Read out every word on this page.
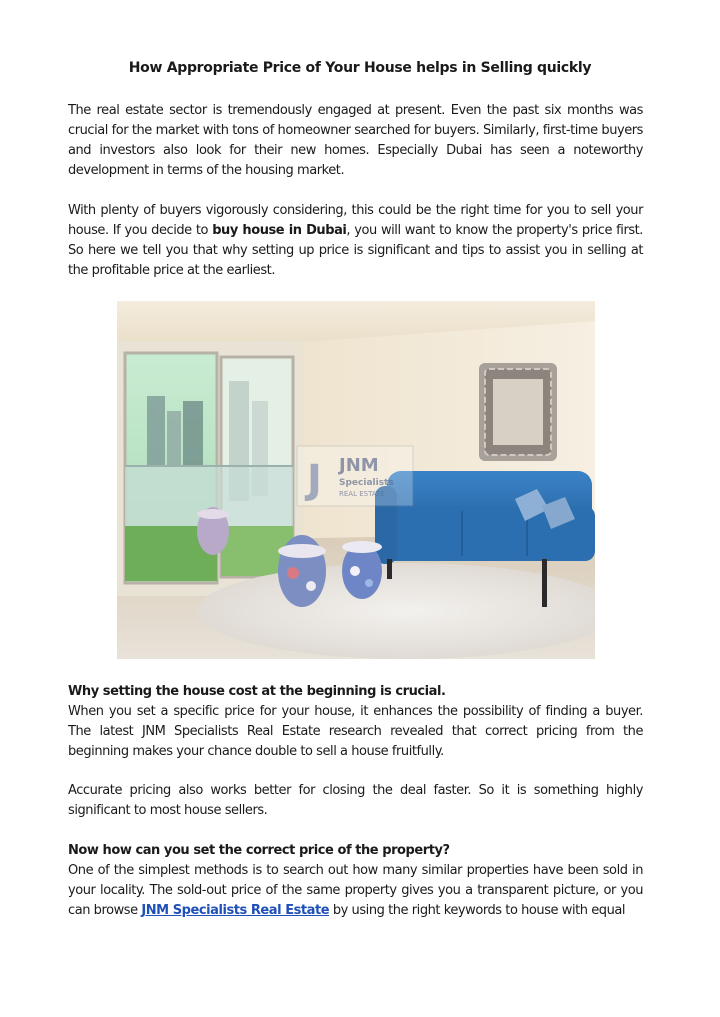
How Appropriate Price of Your House helps in Selling quickly

The real estate sector is tremendously engaged at present. Even the past six months was crucial for the market with tons of homeowner searched for buyers. Similarly, first-time buyers and investors also look for their new homes. Especially Dubai has seen a noteworthy development in terms of the housing market.

With plenty of buyers vigorously considering, this could be the right time for you to sell your house. If you decide to buy house in Dubai, you will want to know the property's price first. So here we tell you that why setting up price is significant and tips to assist you in selling at the profitable price at the earliest.

J JNM
Specialists
REAL ESTATE

Why setting the house cost at the beginning is crucial.
When you set a specific price for your house, it enhances the possibility of finding a buyer. The latest JNM Specialists Real Estate research revealed that correct pricing from the beginning makes your chance double to sell a house fruitfully.

Accurate pricing also works better for closing the deal faster. So it is something highly significant to most house sellers.

Now how can you set the correct price of the property?
One of the simplest methods is to search out how many similar properties have been sold in your locality. The sold-out price of the same property gives you a transparent picture, or you can browse JNM Specialists Real Estate by using the right keywords to house with equal
